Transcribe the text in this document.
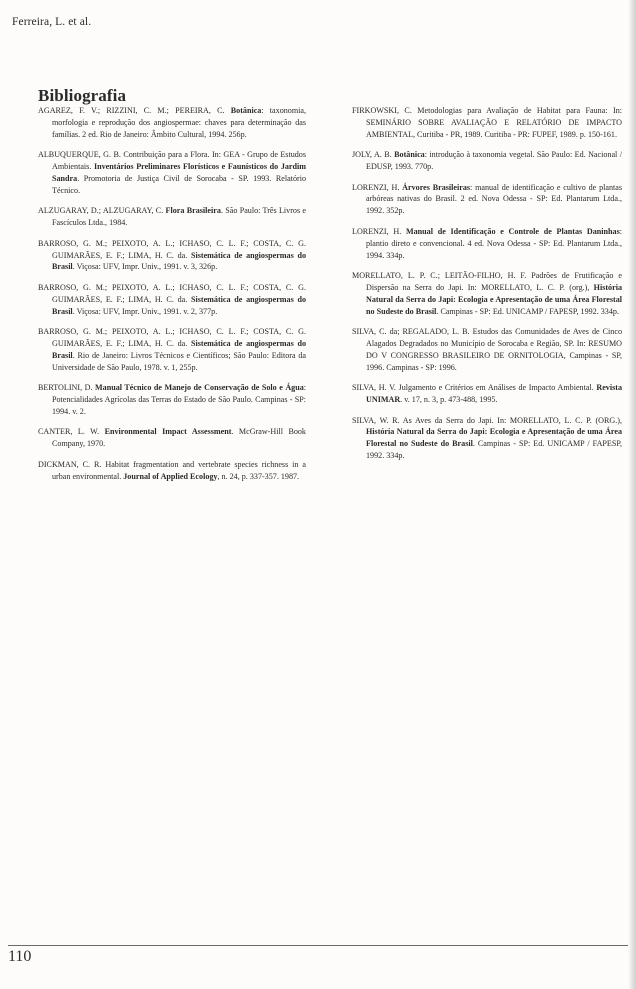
Ferreira, L. et al.
Bibliografia

AGAREZ, F. V.; RIZZINI, C. M.; PEREIRA, C. Botânica: taxonomia, morfologia e reprodução dos angiospermae: chaves para determinação das famílias. 2 ed. Rio de Janeiro: Âmbito Cultural, 1994. 256p.

ALBUQUERQUE, G. B. Contribuição para a Flora. In: GEA - Grupo de Estudos Ambientais. Inventários Preliminares Florísticos e Faunísticos do Jardim Sandra. Promotoria de Justiça Civil de Sorocaba - SP. 1993. Relatório Técnico.

ALZUGARAY, D.; ALZUGARAY, C. Flora Brasileira. São Paulo: Três Livros e Fascículos Ltda., 1984.

BARROSO, G. M.; PEIXOTO, A. L.; ICHASO, C. L. F.; COSTA, C. G. GUIMARÃES, E. F.; LIMA, H. C. da. Sistemática de angiospermas do Brasil. Viçosa: UFV, Impr. Univ., 1991. v. 3, 326p.

BARROSO, G. M.; PEIXOTO, A. L.; ICHASO, C. L. F.; COSTA, C. G. GUIMARÃES, E. F.; LIMA, H. C. da. Sistemática de angiospermas do Brasil. Viçosa: UFV, Impr. Univ., 1991. v. 2, 377p.

BARROSO, G. M.; PEIXOTO, A. L.; ICHASO, C. L. F.; COSTA, C. G. GUIMARÃES, E. F.; LIMA, H. C. da. Sistemática de angiospermas do Brasil. Rio de Janeiro: Livros Técnicos e Científicos; São Paulo: Editora da Universidade de São Paulo, 1978. v. 1, 255p.

BERTOLINI, D. Manual Técnico de Manejo de Conservação de Solo e Água: Potencialidades Agrícolas das Terras do Estado de São Paulo. Campinas - SP: 1994. v. 2.

CANTER, L. W. Environmental Impact Assessment. McGraw-Hill Book Company, 1970.

DICKMAN, C. R. Habitat fragmentation and vertebrate species richness in a urban environmental. Journal of Applied Ecology, n. 24, p. 337-357. 1987.

FIRKOWSKI, C. Metodologias para Avaliação de Habitat para Fauna: In: SEMINÁRIO SOBRE AVALIAÇÃO E RELATÓRIO DE IMPACTO AMBIENTAL, Curitiba - PR, 1989. Curitiba - PR: FUPEF, 1989. p. 150-161.

JOLY, A. B. Botânica: introdução à taxonomia vegetal. São Paulo: Ed. Nacional / EDUSP, 1993. 770p.

LORENZI, H. Árvores Brasileiras: manual de identificação e cultivo de plantas arbóreas nativas do Brasil. 2 ed. Nova Odessa - SP: Ed. Plantarum Ltda., 1992. 352p.

LORENZI, H. Manual de Identificação e Controle de Plantas Daninhas: plantio direto e convencional. 4 ed. Nova Odessa - SP: Ed. Plantarum Ltda., 1994. 334p.

MORELLATO, L. P. C.; LEITÃO-FILHO, H. F. Padrões de Frutificação e Dispersão na Serra do Japi. In: MORELLATO, L. C. P. (org.), História Natural da Serra do Japi: Ecologia e Apresentação de uma Área Florestal no Sudeste do Brasil. Campinas - SP: Ed. UNICAMP / FAPESP, 1992. 334p.

SILVA, C. da; REGALADO, L. B. Estudos das Comunidades de Aves de Cinco Alagados Degradados no Município de Sorocaba e Região, SP. In: RESUMO DO V CONGRESSO BRASILEIRO DE ORNITOLOGIA, Campinas - SP, 1996. Campinas - SP: 1996.

SILVA, H. V. Julgamento e Critérios em Análises de Impacto Ambiental. Revista UNIMAR. v. 17, n. 3, p. 473-488, 1995.

SILVA, W. R. As Aves da Serra do Japi. In: MORELLATO, L. C. P. (ORG.), História Natural da Serra do Japi: Ecologia e Apresentação de uma Área Florestal no Sudeste do Brasil. Campinas - SP: Ed. UNICAMP / FAPESP, 1992. 334p.

110
